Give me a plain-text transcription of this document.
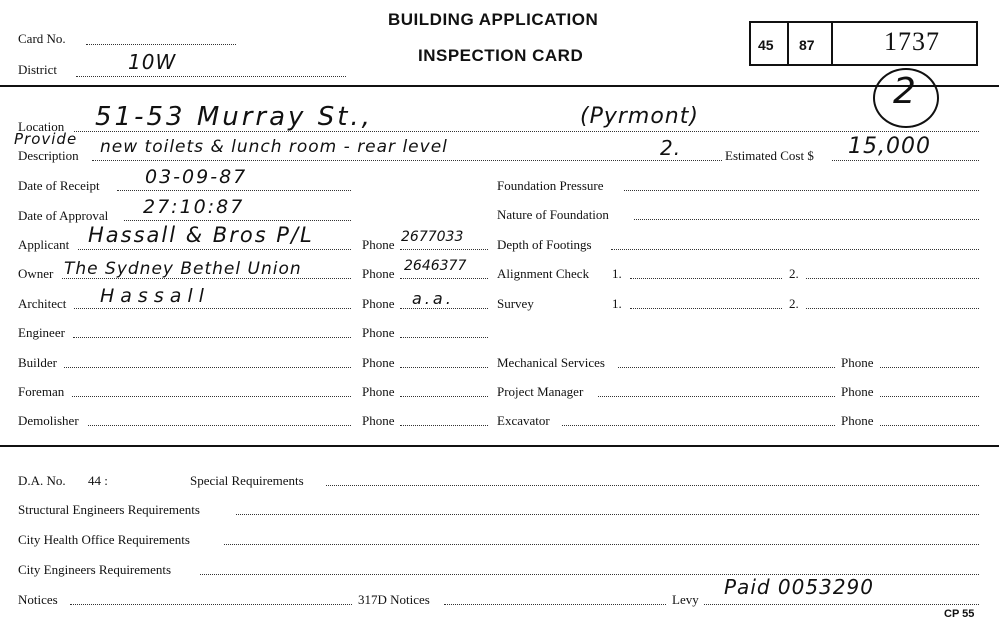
Card No.
District	10W
BUILDING APPLICATION
INSPECTION CARD
45 87	1737
2
Location 51-53 Murray St.,	(Pyrmont)
Provide
Description new toilets & lunch room - rear level	2.	Estimated Cost $ 15,000
Date of Receipt 03-09-87
Date of Approval 27:10:87
Applicant Hassall & Bros P/L	Phone 2677033
Owner The Sydney Bethel Union	Phone 2646377
Architect Hassall	Phone a.a.
Engineer	Phone
Builder	Phone
Foreman	Phone
Demolisher	Phone
Foundation Pressure
Nature of Foundation
Depth of Footings
Alignment Check 1.	2.
Survey	1.	2.
Mechanical Services	Phone
Project Manager	Phone
Excavator	Phone
D.A. No. 44 :	Special Requirements
Structural Engineers Requirements
City Health Office Requirements
City Engineers Requirements
Notices	317D Notices	Levy
Paid 0053290
CP 55
